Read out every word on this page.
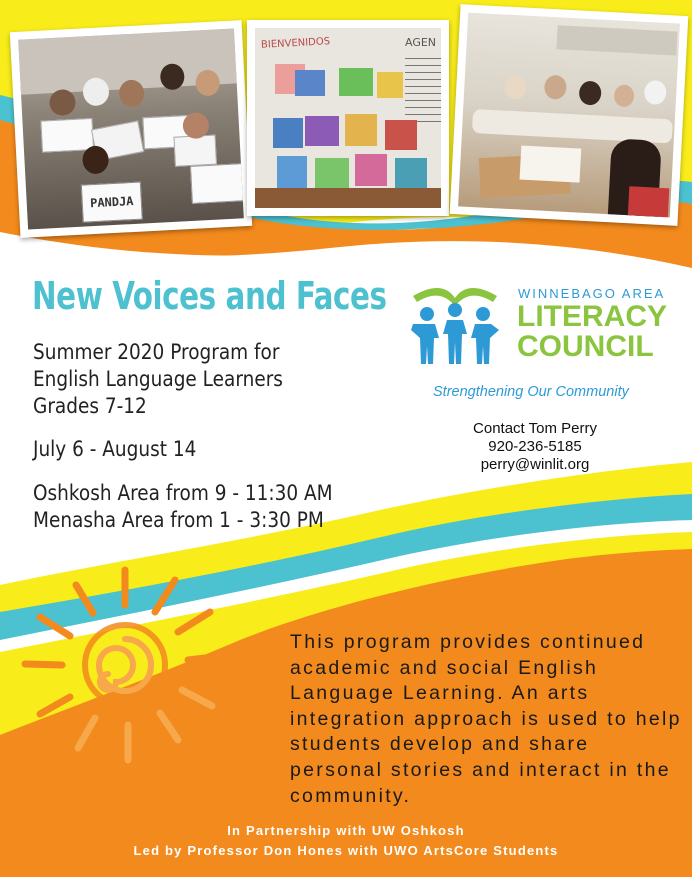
PANDJA
BIENVENIDOS	AGEN
New Voices and Faces
Summer 2020 Program for
English Language Learners
Grades 7-12
July 6 - August 14
Oshkosh Area from 9 - 11:30 AM
Menasha Area from 1 - 3:30 PM
WINNEBAGO AREA
LITERACY
COUNCIL
Strengthening Our Community
Contact Tom Perry
920-236-5185
perry@winlit.org
This program provides continued academic and social English Language Learning. An arts integration approach is used to help students develop and share personal stories and interact in the community.
In Partnership with UW Oshkosh
Led by Professor Don Hones with UWO ArtsCore Students
